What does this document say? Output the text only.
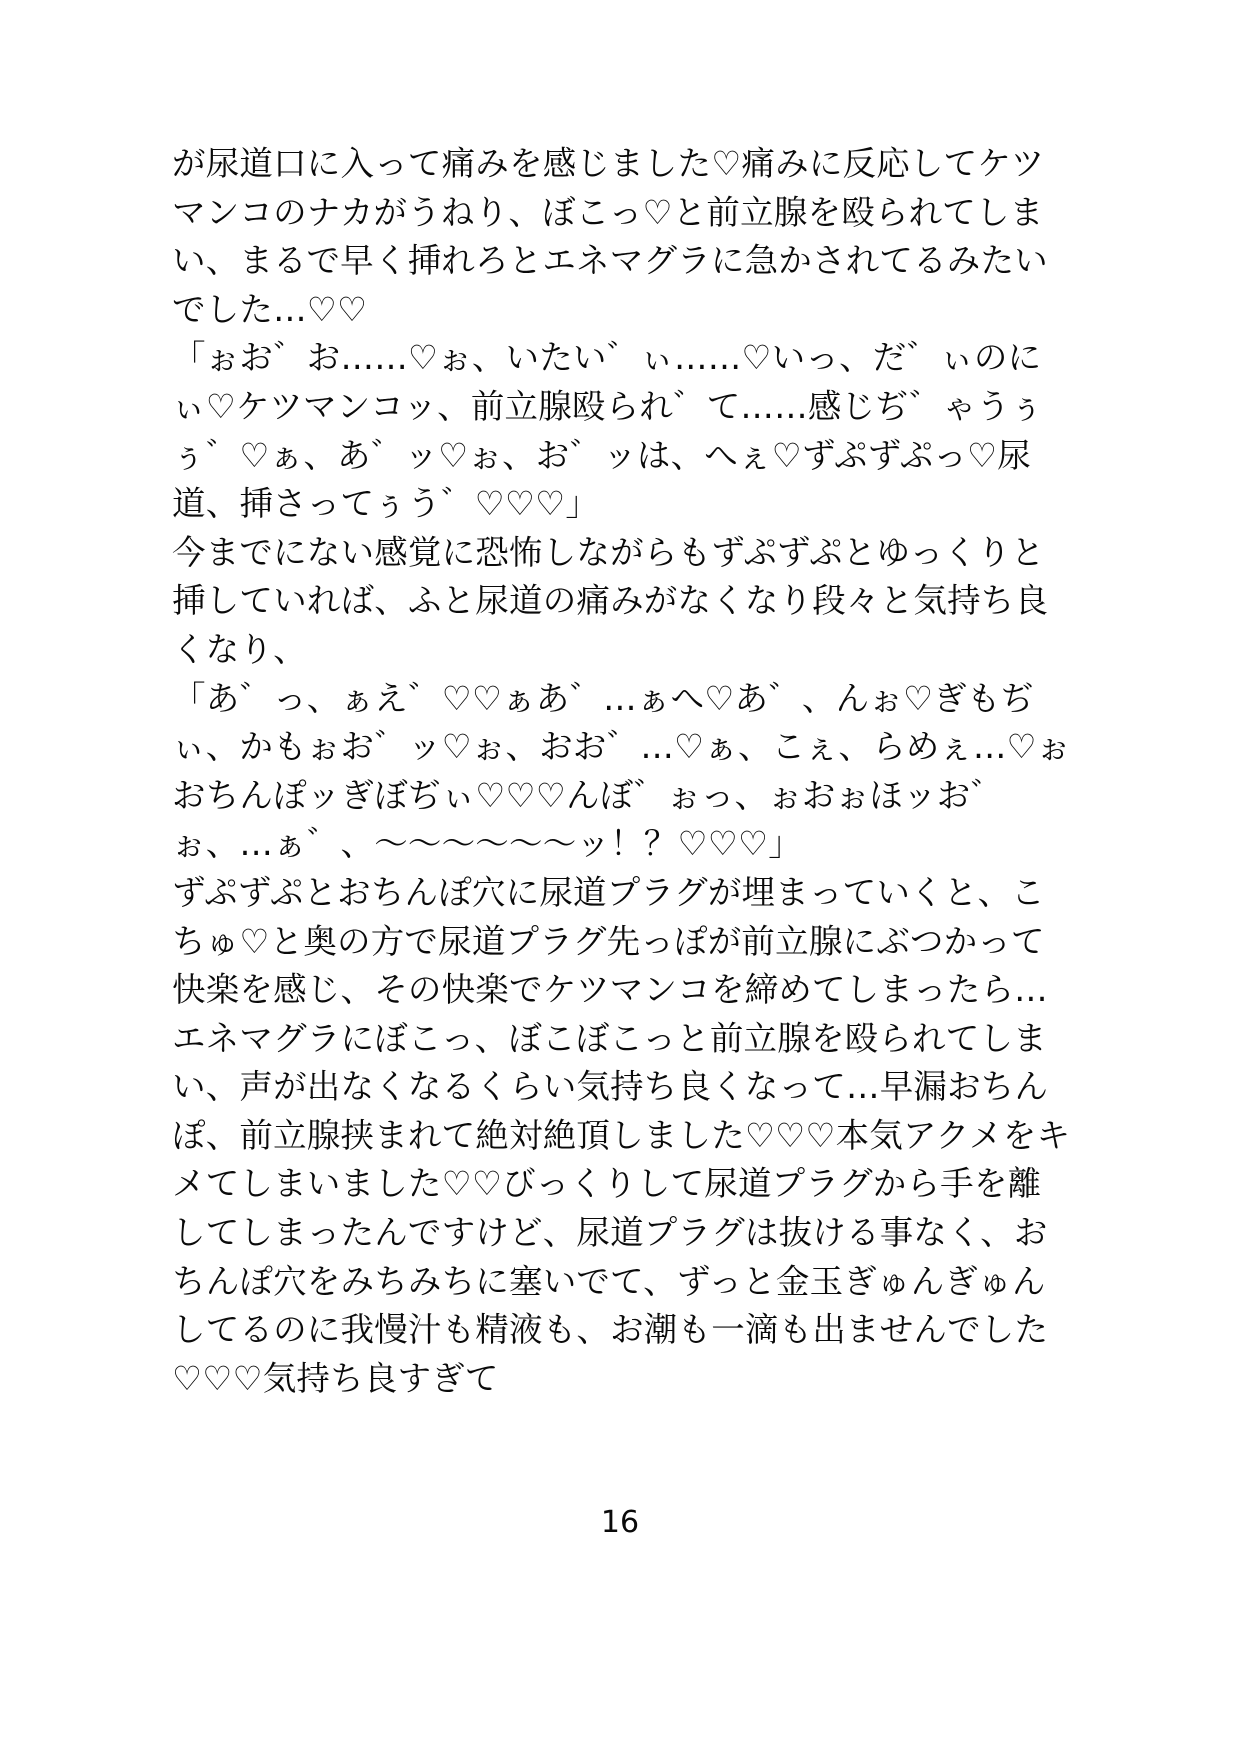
が尿道口に入って痛みを感じました♡痛みに反応してケツマンコのナカがうねり、ぼこっ♡と前立腺を殴られてしまい、まるで早く挿れろとエネマグラに急かされてるみたいでした…♡♡

「ぉお゛お……♡ぉ、いたい゛ぃ……♡いっ、だ゛ぃのにぃ♡ケツマンコッ、前立腺殴られ゛て……感じぢ゛ゃうぅぅ゛♡ぁ、あ゛ッ♡ぉ、お゛ッは、へぇ♡ずぷずぷっ♡尿道、挿さってぅう゛♡♡♡」

今までにない感覚に恐怖しながらもずぷずぷとゆっくりと挿していれば、ふと尿道の痛みがなくなり段々と気持ち良くなり、

「あ゛っ、ぁえ゛♡♡ぁあ゛…ぁへ♡あ゛、んぉ♡ぎもぢぃ、かもぉお゛ッ♡ぉ、おお゛…♡ぁ、こぇ、らめぇ…♡ぉおちんぽッぎぼぢぃ♡♡♡んぼ゛ぉっ、ぉおぉほッお゛ぉ、…ぁ゛、〜〜〜〜〜〜ッ！？♡♡♡」

ずぷずぷとおちんぽ穴に尿道プラグが埋まっていくと、こちゅ♡と奥の方で尿道プラグ先っぽが前立腺にぶつかって快楽を感じ、その快楽でケツマンコを締めてしまったら…エネマグラにぼこっ、ぼこぼこっと前立腺を殴られてしまい、声が出なくなるくらい気持ち良くなって…早漏おちんぽ、前立腺挟まれて絶対絶頂しました♡♡♡本気アクメをキメてしまいました♡♡びっくりして尿道プラグから手を離してしまったんですけど、尿道プラグは抜ける事なく、おちんぽ穴をみちみちに塞いでて、ずっと金玉ぎゅんぎゅんしてるのに我慢汁も精液も、お潮も一滴も出ませんでした♡♡♡気持ち良すぎて

16
